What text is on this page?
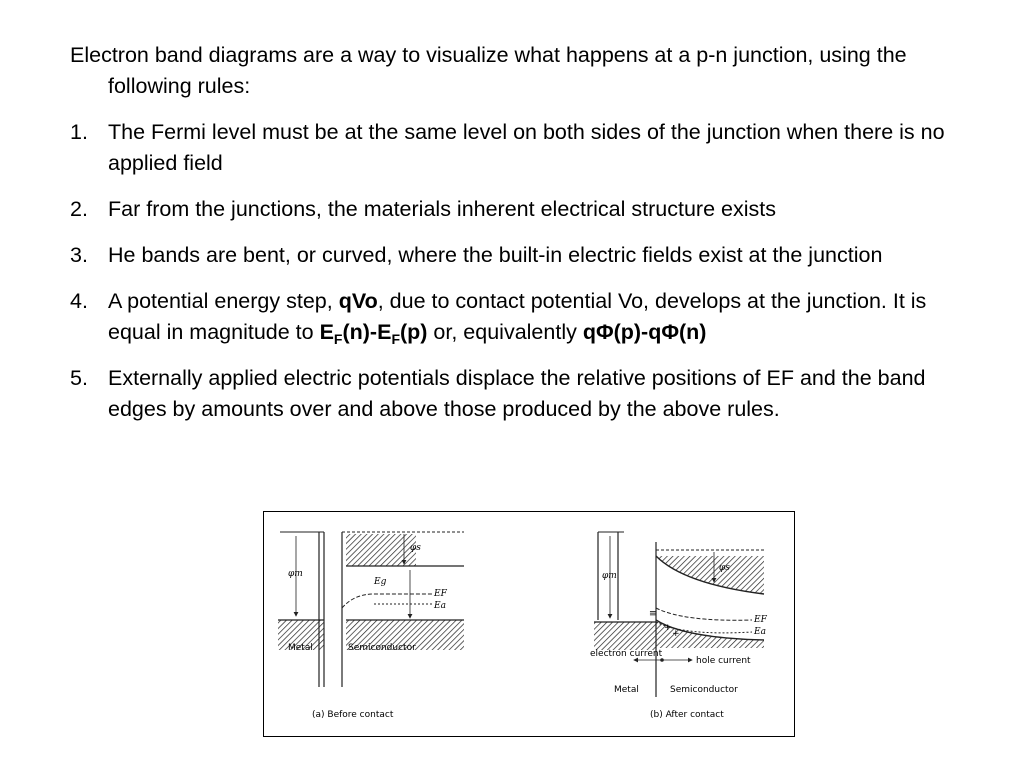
Electron band diagrams are a way to visualize what happens at a p-n junction, using the following rules:

1. The Fermi level must be at the same level on both sides of the junction when there is no applied field
2. Far from the junctions, the materials inherent electrical structure exists
3. He bands are bent, or curved, where the built-in electric fields exist at the junction
4. A potential energy step, qVo, due to contact potential Vo, develops at the junction. It is equal in magnitude to $E_F(n)-E_F(p)$ or, equivalently qΦ(p)-qΦ(n)
5. Externally applied electric potentials displace the relative positions of EF and the band edges by amounts over and above those produced by the above rules.
φm
φs
Eg
EF
Ea
Metal	Semiconductor
(a) Before contact
φm
φs
EF
Ea
≡
+
+
electron current
hole current
Metal	Semiconductor
(b) After contact
